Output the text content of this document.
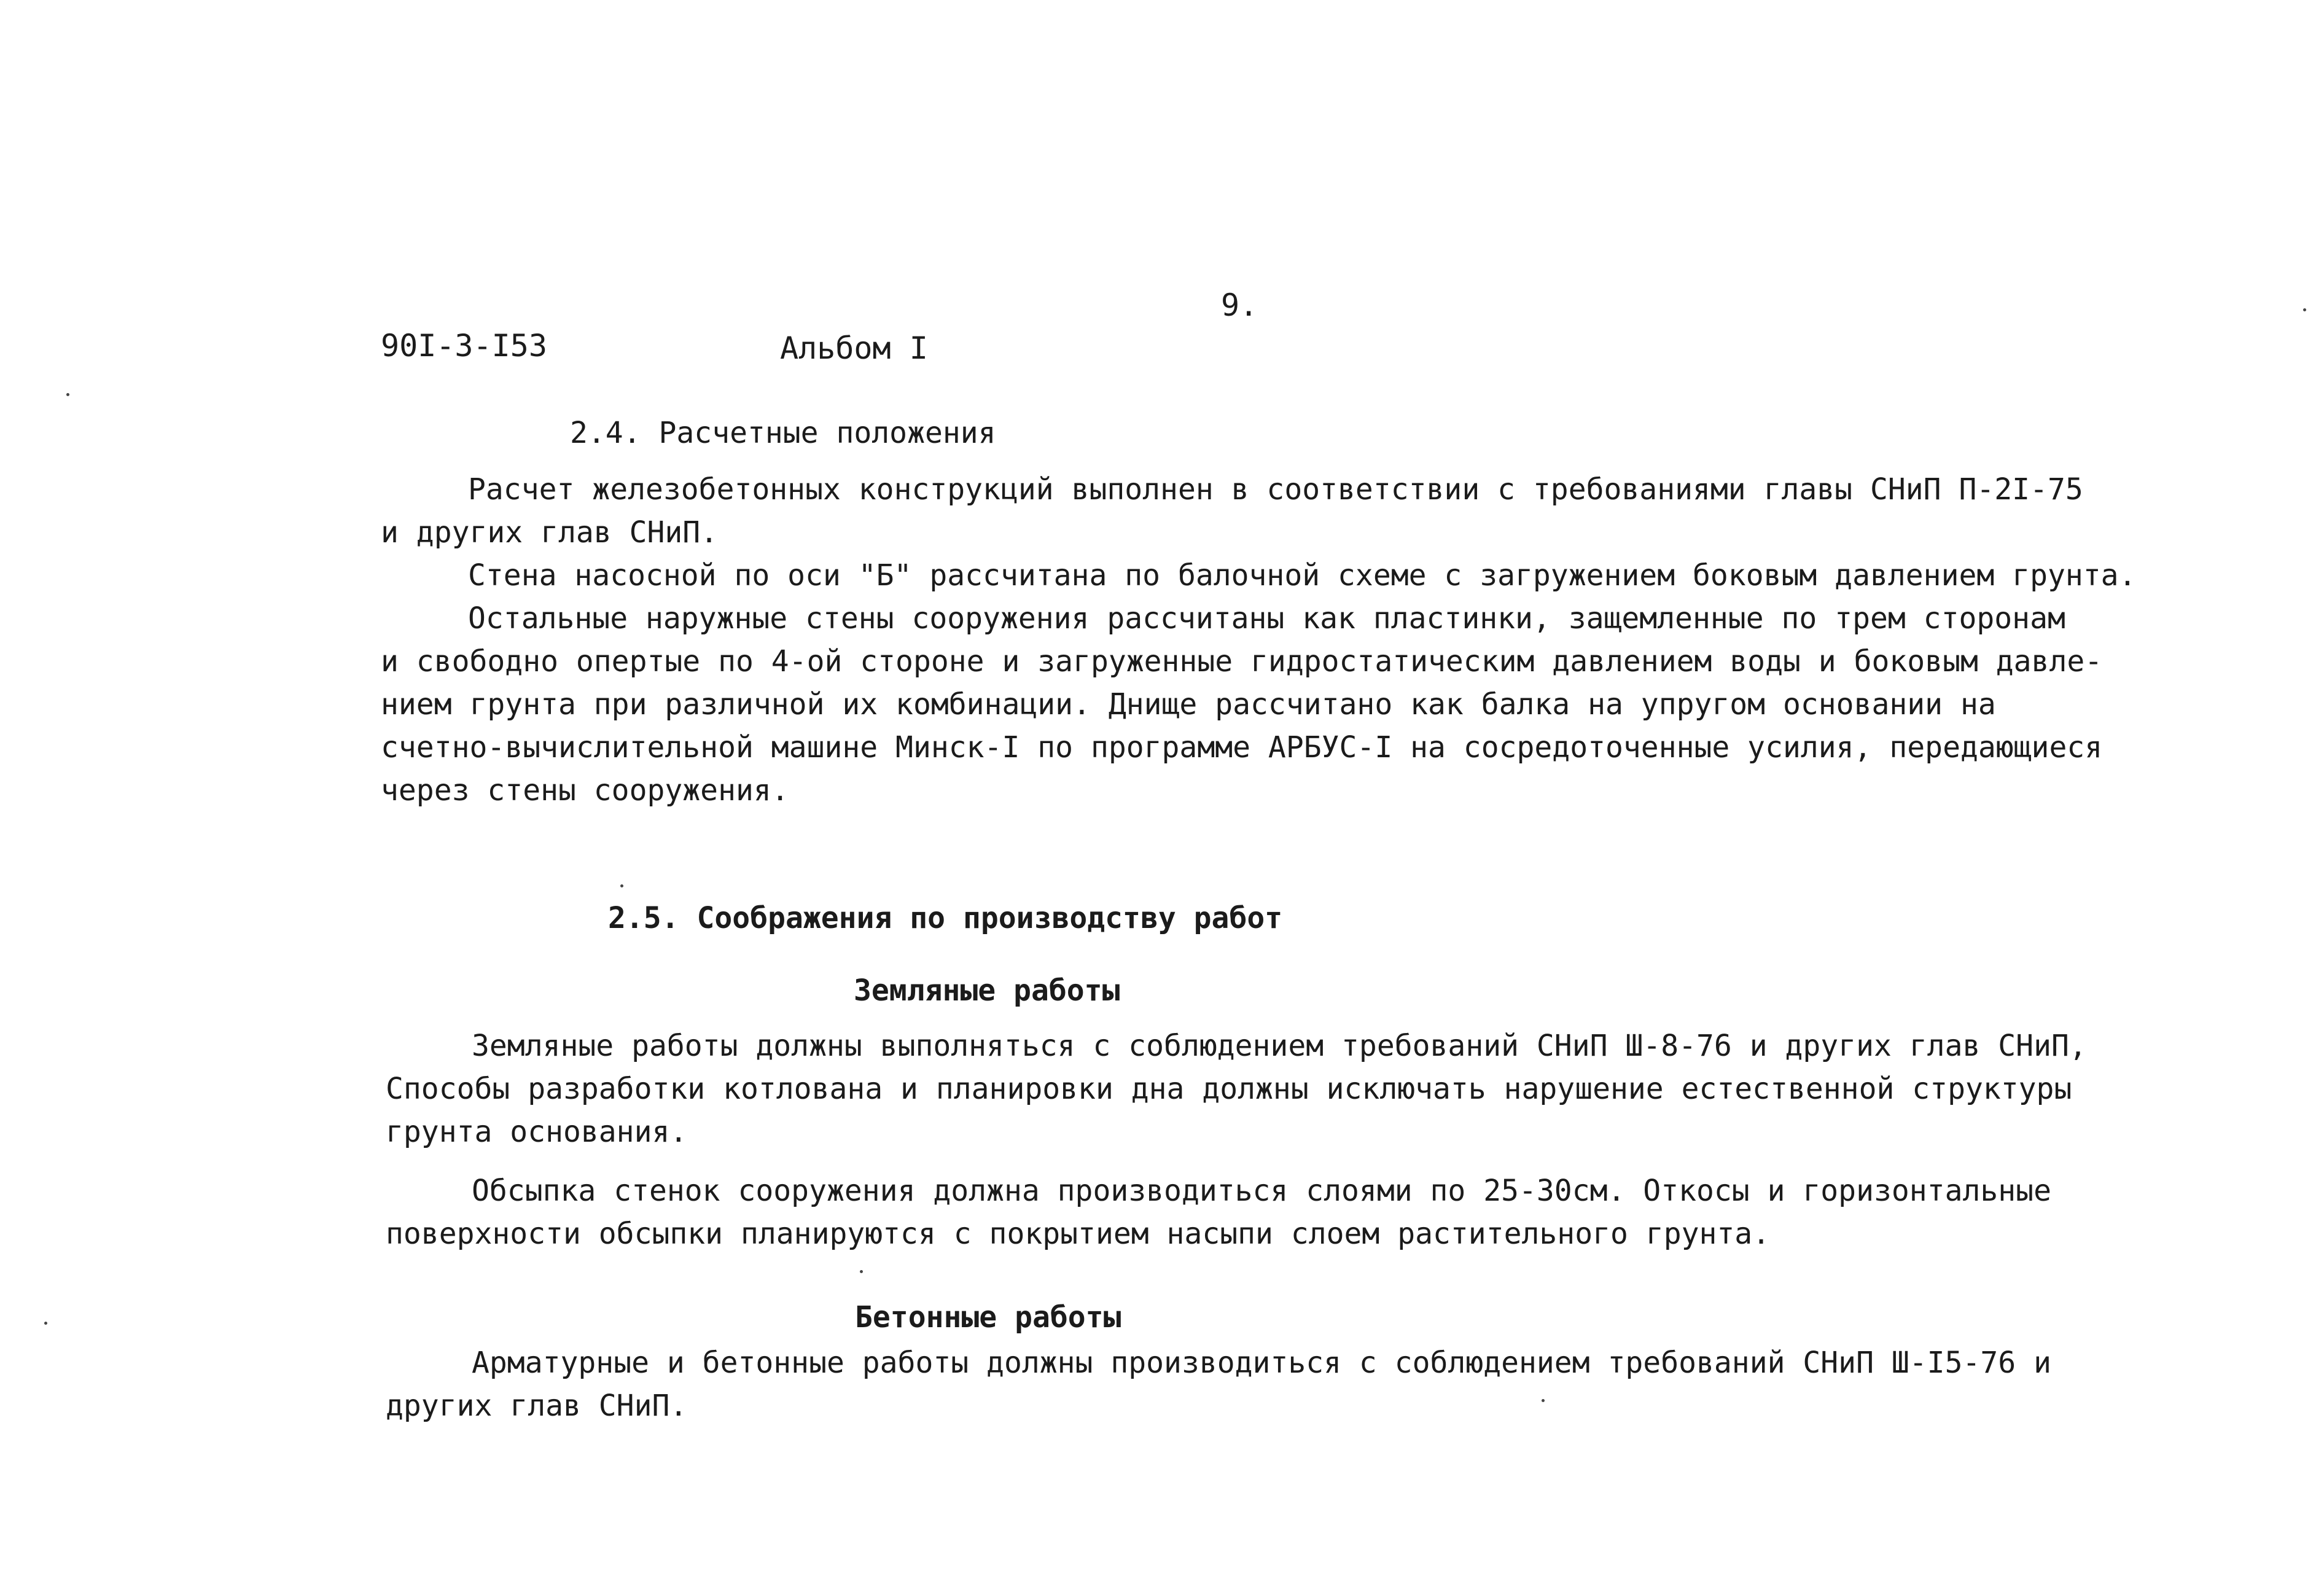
9.
90I-3-I53	Альбом I
2.4. Расчетные положения
Расчет железобетонных конструкций выполнен в соответствии с требованиями главы СНиП П-2I-75
и других глав СНиП.
Стена насосной по оси "Б" рассчитана по балочной схеме с загружением боковым давлением грунта.
Остальные наружные стены сооружения рассчитаны как пластинки, защемленные по трем сторонам
и свободно опертые по 4-ой стороне и загруженные гидростатическим давлением воды и боковым давле-
нием грунта при различной их комбинации. Днище рассчитано как балка на упругом основании на
счетно-вычислительной машине Минск-I по программе АРБУС-I на сосредоточенные усилия, передающиеся
через стены сооружения.
2.5. Соображения по производству работ
Земляные работы
Земляные работы должны выполняться с соблюдением требований СНиП Ш-8-76 и других глав СНиП,
Способы разработки котлована и планировки дна должны исключать нарушение естественной структуры
грунта основания.
Обсыпка стенок сооружения должна производиться слоями по 25-30см. Откосы и горизонтальные
поверхности обсыпки планируются с покрытием насыпи слоем растительного грунта.
Бетонные работы
Арматурные и бетонные работы должны производиться с соблюдением требований СНиП Ш-I5-76 и
других глав СНиП.
